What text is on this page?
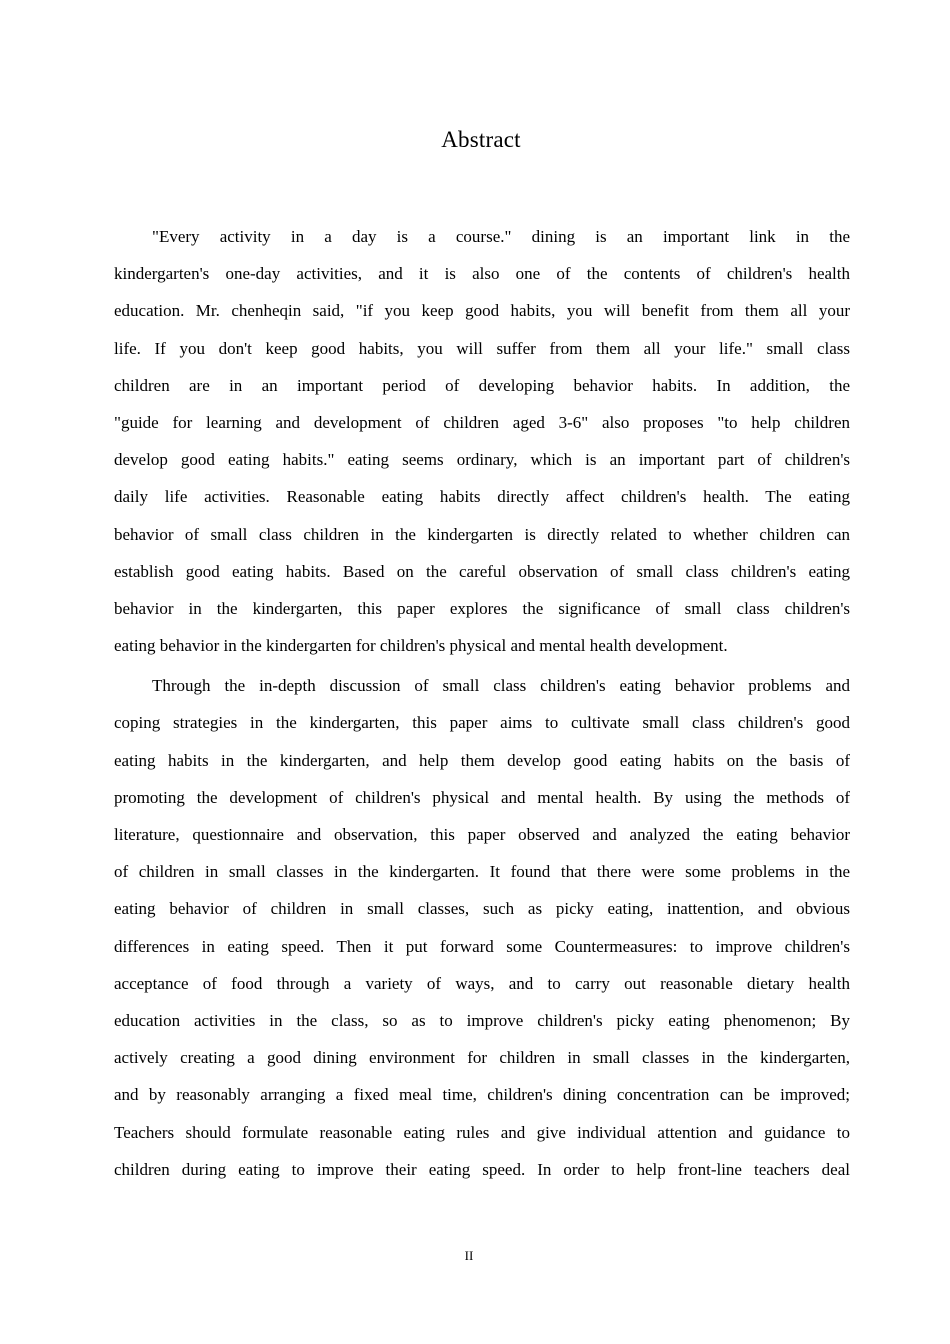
Abstract

"Every activity in a day is a course." dining is an important link in the
kindergarten's one-day activities, and it is also one of the contents of children's health
education. Mr. chenheqin said, "if you keep good habits, you will benefit from them all your
life. If you don't keep good habits, you will suffer from them all your life." small class
children are in an important period of developing behavior habits. In addition, the
"guide for learning and development of children aged 3-6" also proposes "to help children
develop good eating habits." eating seems ordinary, which is an important part of children's
daily life activities. Reasonable eating habits directly affect children's health. The eating
behavior of small class children in the kindergarten is directly related to whether children can
establish good eating habits. Based on the careful observation of small class children's eating
behavior in the kindergarten, this paper explores the significance of small class children's
eating behavior in the kindergarten for children's physical and mental health development.

Through the in-depth discussion of small class children's eating behavior problems and
coping strategies in the kindergarten, this paper aims to cultivate small class children's good
eating habits in the kindergarten, and help them develop good eating habits on the basis of
promoting the development of children's physical and mental health. By using the methods of
literature, questionnaire and observation, this paper observed and analyzed the eating behavior
of children in small classes in the kindergarten. It found that there were some problems in the
eating behavior of children in small classes, such as picky eating, inattention, and obvious
differences in eating speed. Then it put forward some Countermeasures: to improve children's
acceptance of food through a variety of ways, and to carry out reasonable dietary health
education activities in the class, so as to improve children's picky eating phenomenon; By
actively creating a good dining environment for children in small classes in the kindergarten,
and by reasonably arranging a fixed meal time, children's dining concentration can be improved;
Teachers should formulate reasonable eating rules and give individual attention and guidance to
children during eating to improve their eating speed. In order to help front-line teachers deal

II
